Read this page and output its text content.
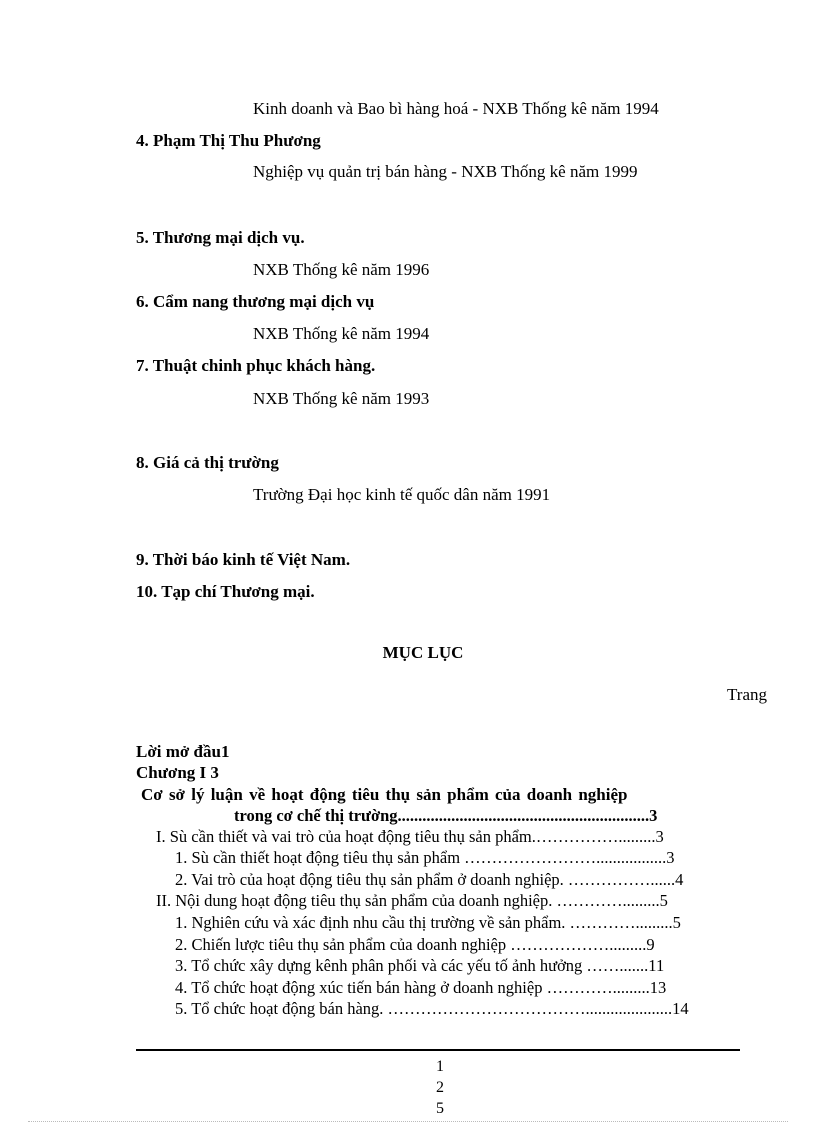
Kinh doanh và Bao bì hàng hoá - NXB Thống kê năm 1994
4. Phạm Thị Thu Phương
Nghiệp vụ quản trị bán hàng - NXB Thống kê năm 1999
5. Thương mại dịch vụ.
NXB Thống kê năm 1996
6. Cẩm nang thương mại dịch vụ
NXB Thống kê năm 1994
7. Thuật chinh phục khách hàng.
NXB Thống kê năm 1993
8. Giá cả thị trường
Trường Đại học kinh tế quốc dân năm 1991
9. Thời báo kinh tế Việt Nam.
10. Tạp chí Thương mại.
MỤC LỤC
Trang
Lời mở đầu1
Chương I 3
Cơ sở lý luận về hoạt động tiêu thụ sản phẩm của doanh nghiệp
trong cơ chế thị trường.............................................................3
I. Sù cần thiết và vai trò của hoạt động tiêu thụ sản phẩm.…………….........3
1. Sù cần thiết hoạt động tiêu thụ sản phẩm …………………….................3
2. Vai trò của hoạt động tiêu thụ sản phẩm ở doanh nghiệp. ……………......4
II. Nội dung hoạt động tiêu thụ sản phẩm của doanh nghiệp. ………….........5
1. Nghiên cứu và xác định nhu cầu thị trường về sản phẩm. ………….........5
2. Chiến lược tiêu thụ sản phẩm của doanh nghiệp ……………….........9
3. Tổ chức xây dựng kênh phân phối và các yếu tố ảnh hưởng …….......11
4. Tổ chức hoạt động xúc tiến bán hàng ở doanh nghiệp ………….........13
5. Tổ chức hoạt động bán hàng. ……………………………….....................14
1
2
5
